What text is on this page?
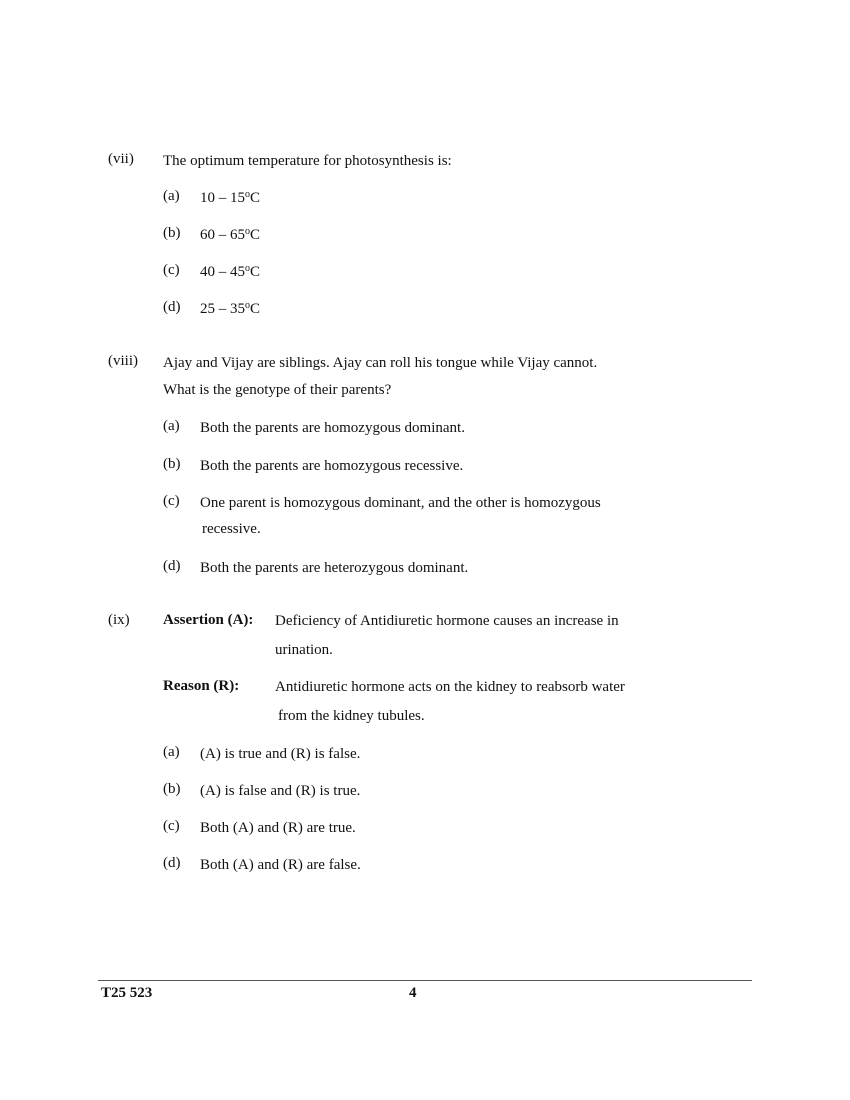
(vii) The optimum temperature for photosynthesis is:
(a) 10 – 15$^o$C
(b) 60 – 65$^o$C
(c) 40 – 45$^o$C
(d) 25 – 35$^o$C
(viii) Ajay and Vijay are siblings. Ajay can roll his tongue while Vijay cannot.
What is the genotype of their parents?
(a) Both the parents are homozygous dominant.
(b) Both the parents are homozygous recessive.
(c) One parent is homozygous dominant, and the other is homozygous
recessive.
(d) Both the parents are heterozygous dominant.
(ix) Assertion (A): Deficiency of Antidiuretic hormone causes an increase in
urination.
Reason (R): Antidiuretic hormone acts on the kidney to reabsorb water
from the kidney tubules.
(a) (A) is true and (R) is false.
(b) (A) is false and (R) is true.
(c) Both (A) and (R) are true.
(d) Both (A) and (R) are false.
T25 523	4
